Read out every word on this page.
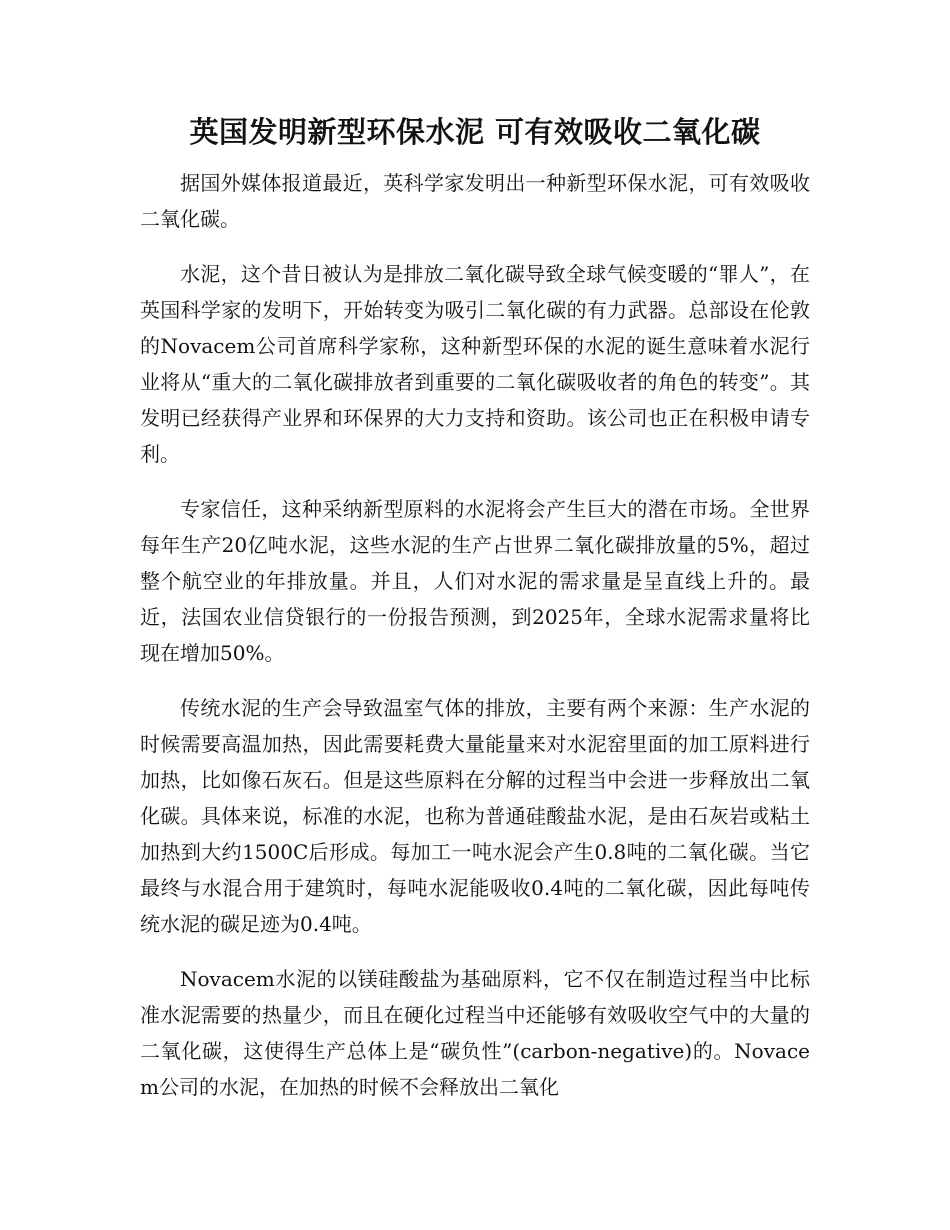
英国发明新型环保水泥 可有效吸收二氧化碳

据国外媒体报道最近，英科学家发明出一种新型环保水泥，可有效吸收二氧化碳。

水泥，这个昔日被认为是排放二氧化碳导致全球气候变暖的“罪人”，在英国科学家的发明下，开始转变为吸引二氧化碳的有力武器。总部设在伦敦的Novacem公司首席科学家称，这种新型环保的水泥的诞生意味着水泥行业将从“重大的二氧化碳排放者到重要的二氧化碳吸收者的角色的转变”。其发明已经获得产业界和环保界的大力支持和资助。该公司也正在积极申请专利。

专家信任，这种采纳新型原料的水泥将会产生巨大的潜在市场。全世界每年生产20亿吨水泥，这些水泥的生产占世界二氧化碳排放量的5%，超过整个航空业的年排放量。并且，人们对水泥的需求量是呈直线上升的。最近，法国农业信贷银行的一份报告预测，到2025年，全球水泥需求量将比现在增加50%。

传统水泥的生产会导致温室气体的排放，主要有两个来源：生产水泥的时候需要高温加热，因此需要耗费大量能量来对水泥窑里面的加工原料进行加热，比如像石灰石。但是这些原料在分解的过程当中会进一步释放出二氧化碳。具体来说，标准的水泥，也称为普通硅酸盐水泥，是由石灰岩或粘土加热到大约1500C后形成。每加工一吨水泥会产生0.8吨的二氧化碳。当它最终与水混合用于建筑时，每吨水泥能吸收0.4吨的二氧化碳，因此每吨传统水泥的碳足迹为0.4吨。

Novacem水泥的以镁硅酸盐为基础原料，它不仅在制造过程当中比标准水泥需要的热量少，而且在硬化过程当中还能够有效吸收空气中的大量的二氧化碳，这使得生产总体上是“碳负性”(carbon-negative)的。Novacem公司的水泥，在加热的时候不会释放出二氧化
